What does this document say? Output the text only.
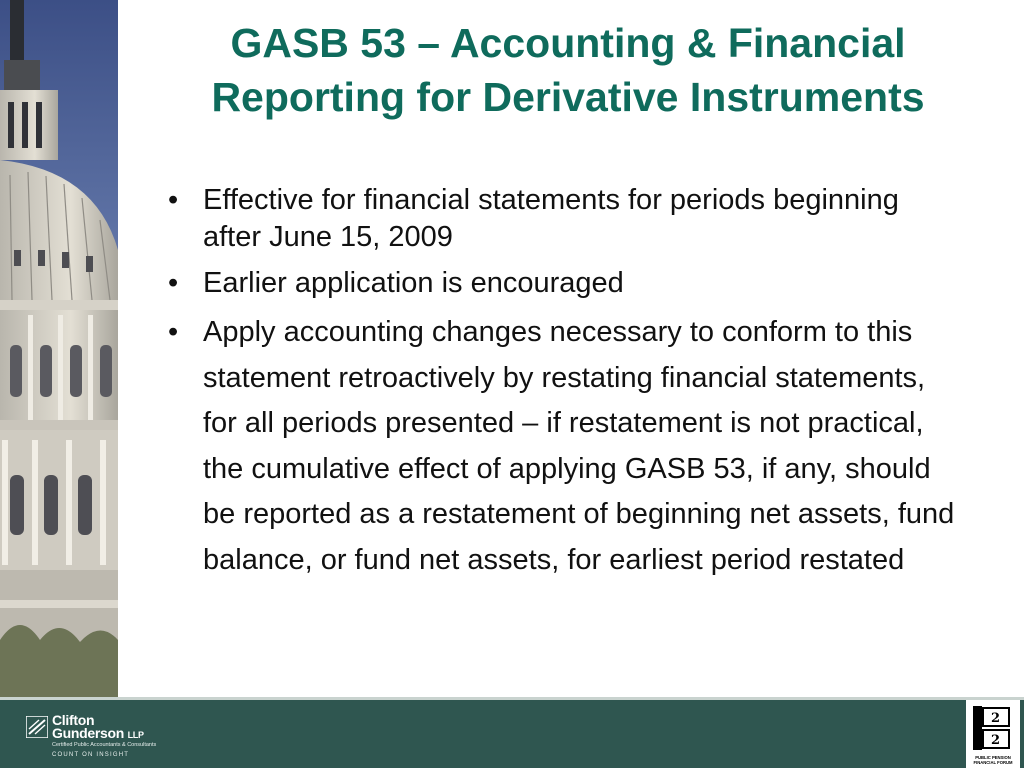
GASB 53 – Accounting & Financial Reporting for Derivative Instruments
• Effective for financial statements for periods beginning after June 15, 2009
• Earlier application is encouraged
• Apply accounting changes necessary to conform to this statement retroactively by restating financial statements, for all periods presented – if restatement is not practical, the cumulative effect of applying GASB 53, if any, should be reported as a restatement of beginning net assets, fund balance, or fund net assets, for earliest period restated
Clifton
Gunderson LLP
Certified Public Accountants & Consultants
COUNT ON INSIGHT
2
2
PUBLIC PENSION
FINANCIAL FORUM
